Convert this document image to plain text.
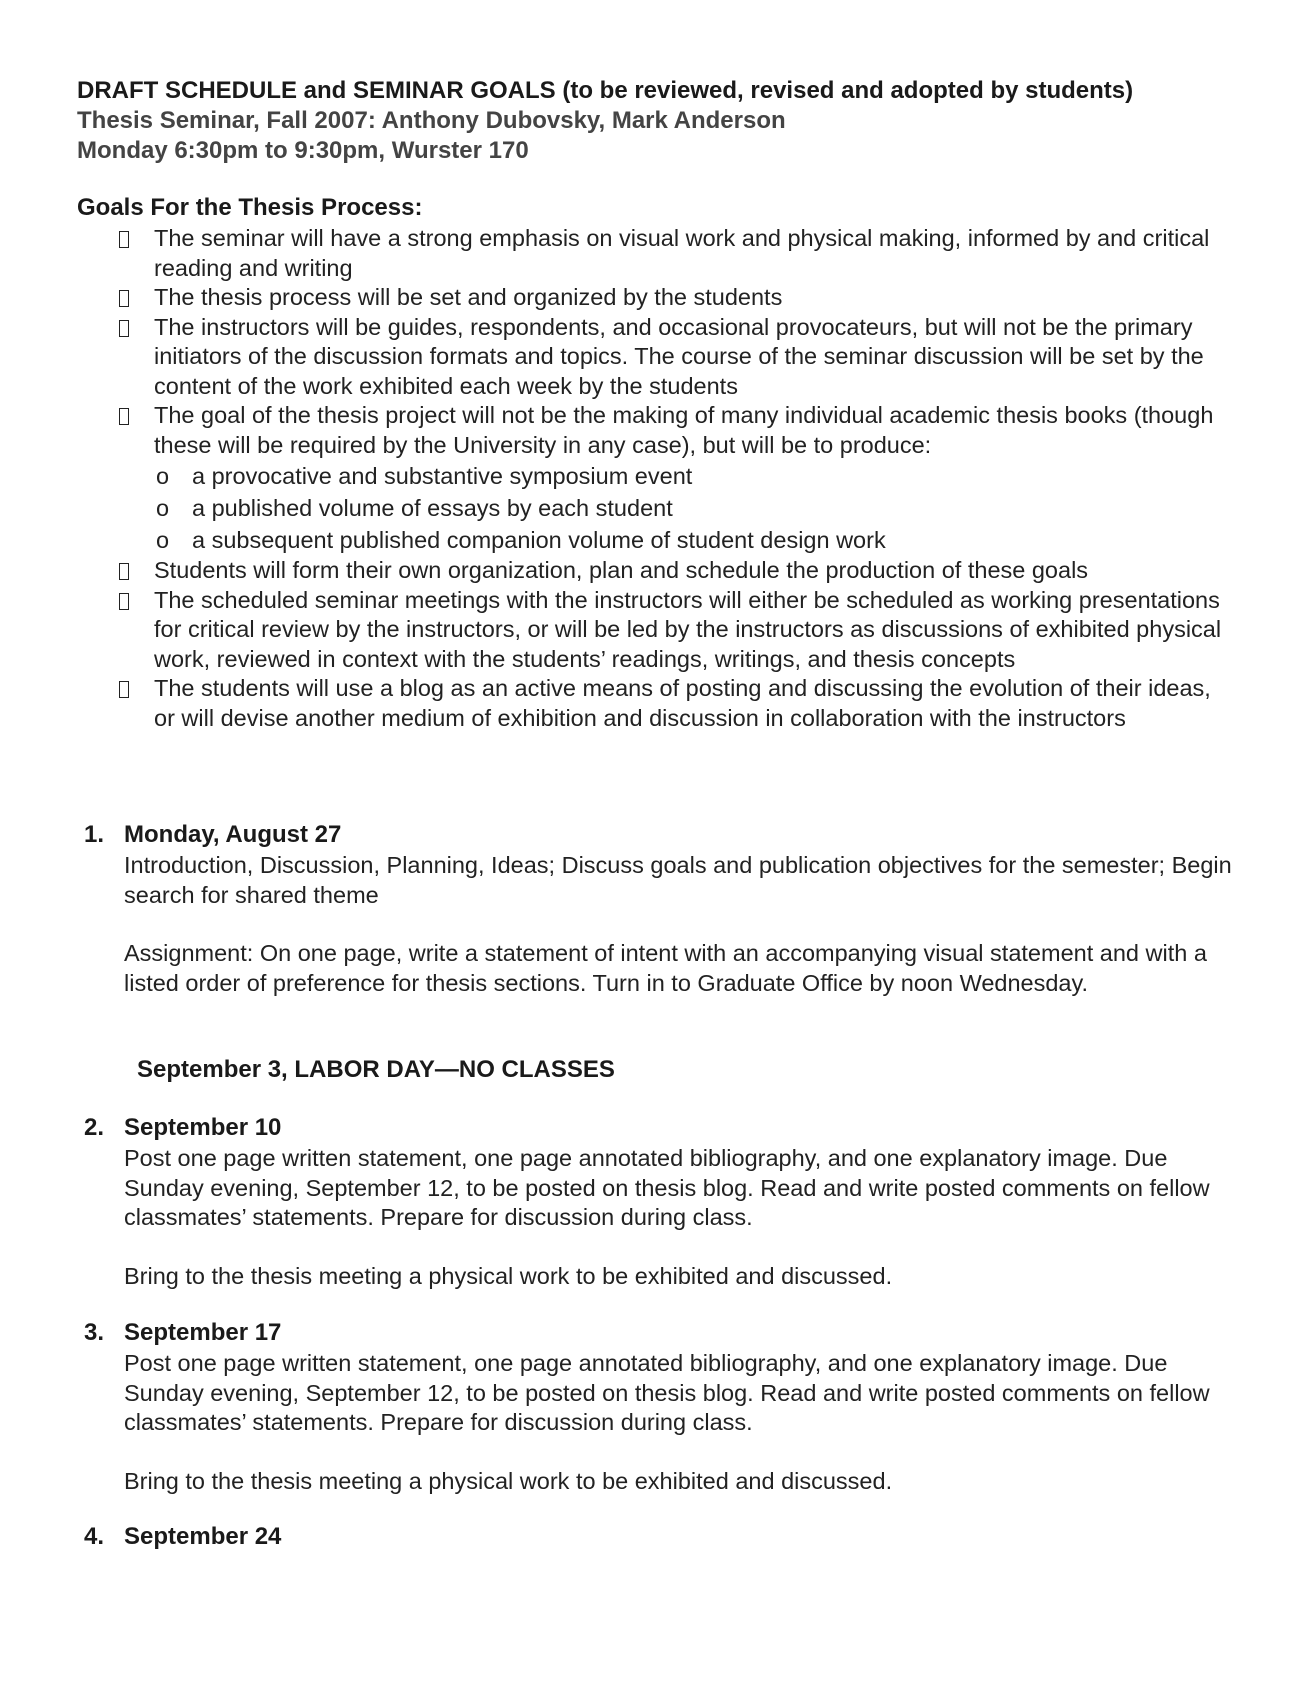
DRAFT SCHEDULE and SEMINAR GOALS (to be reviewed, revised and adopted by students)
Thesis Seminar, Fall 2007: Anthony Dubovsky, Mark Anderson
Monday 6:30pm to 9:30pm, Wurster 170
Goals For the Thesis Process:
The seminar will have a strong emphasis on visual work and physical making, informed by and critical reading and writing
The thesis process will be set and organized by the students
The instructors will be guides, respondents, and occasional provocateurs, but will not be the primary initiators of the discussion formats and topics. The course of the seminar discussion will be set by the content of the work exhibited each week by the students
The goal of the thesis project will not be the making of many individual academic thesis books (though these will be required by the University in any case), but will be to produce:
o a provocative and substantive symposium event
o a published volume of essays by each student
o a subsequent published companion volume of student design work
Students will form their own organization, plan and schedule the production of these goals
The scheduled seminar meetings with the instructors will either be scheduled as working presentations for critical review by the instructors, or will be led by the instructors as discussions of exhibited physical work, reviewed in context with the students’ readings, writings, and thesis concepts
The students will use a blog as an active means of posting and discussing the evolution of their ideas, or will devise another medium of exhibition and discussion in collaboration with the instructors
1. Monday, August 27

Introduction, Discussion, Planning, Ideas; Discuss goals and publication objectives for the semester; Begin search for shared theme

Assignment: On one page, write a statement of intent with an accompanying visual statement and with a listed order of preference for thesis sections. Turn in to Graduate Office by noon Wednesday.

September 3, LABOR DAY—NO CLASSES
2. September 10

Post one page written statement, one page annotated bibliography, and one explanatory image. Due Sunday evening, September 12, to be posted on thesis blog. Read and write posted comments on fellow classmates’ statements. Prepare for discussion during class.

Bring to the thesis meeting a physical work to be exhibited and discussed.

3. September 17

Post one page written statement, one page annotated bibliography, and one explanatory image. Due Sunday evening, September 12, to be posted on thesis blog. Read and write posted comments on fellow classmates’ statements. Prepare for discussion during class.

Bring to the thesis meeting a physical work to be exhibited and discussed.

4. September 24
